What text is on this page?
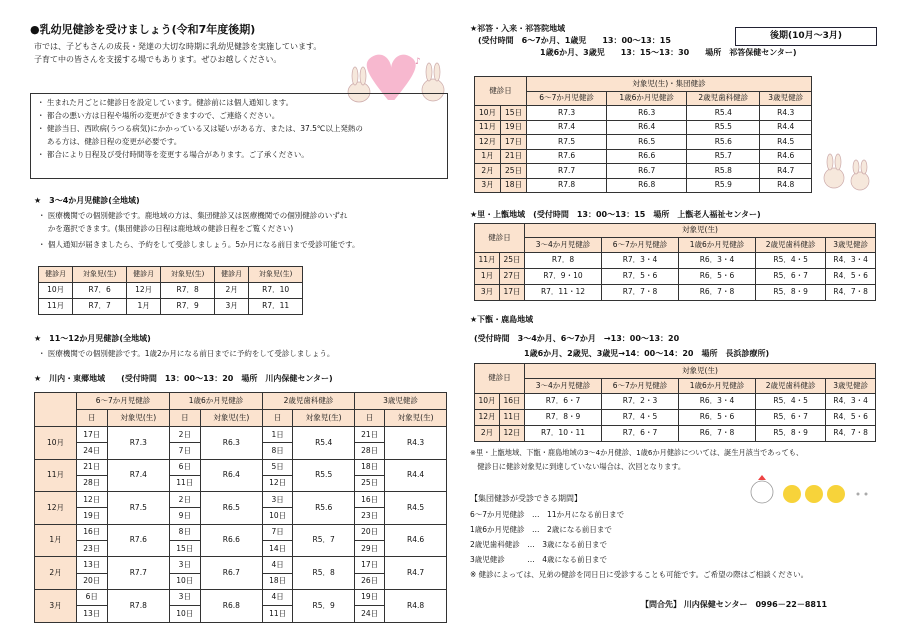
●乳幼児健診を受けましょう(令和7年度後期)	後期(10月～3月)
市では、子どもさんの成長・発達の大切な時期に乳幼児健診を実施しています。
子育て中の皆さんを支援する場でもあります。ぜひお越しください。	♪
・ 生まれた月ごとに健診日を設定しています。健診前には個人通知します。
・ 都合の悪い方は日程や場所の変更ができますので、ご連絡ください。
・ 健診当日、西欧病(うつる病気)にかかっている又は疑いがある方、または、37.5℃以上発熱の
　 ある方は、健診日程の変更が必要です。
・ 都合により日程及び受付時間等を変更する場合があります。ご了承ください。
★　3～4か月児健診(全地域)
・ 医療機関での個別健診です。鹿地域の方は、集団健診又は医療機関での個別健診のいずれ
　 かを選択できます。(集団健診の日程は鹿地域の健診日程をご覧ください)
・ 個人通知が届きましたら、予約をして受診しましょう。5か月になる前日まで受診可能です。
健診月	対象児(生)	健診月	対象児(生)	健診月	対象児(生)
10月	R7．6	12月	R7．8	2月	R7．10
11月	R7．7	1月	R7．9	3月	R7．11
★　11～12か月児健診(全地域)
・ 医療機関での個別健診です。1歳2か月になる前日までに予約をして受診しましょう。
★　川内・東郷地域　　(受付時間　13：00～13：20　場所　川内保健センター)
	6～7か月児健診		1歳6か月児健診		2歳児歯科健診		3歳児健診	
	日	対象児(生)	日	対象児(生)	日	対象児(生)	日	対象児(生)
10月	17日	R7.3	2日	R6.3	1日	R5.4	21日	R4.3
	24日		7日		8日		28日	
11月	21日	R7.4	6日	R6.4	5日	R5.5	18日	R4.4
	28日		11日		12日		25日	
12月	12日	R7.5	2日	R6.5	3日	R5.6	16日	R4.5
	19日		9日		10日		23日	
1月	16日	R7.6	8日	R6.6	7日	R5．7	20日	R4.6
	23日		15日		14日		29日	
2月	13日	R7.7	3日	R6.7	4日	R5．8	17日	R4.7
	20日		10日		18日		26日	
3月	6日	R7.8	3日	R6.8	4日	R5．9	19日	R4.8
	13日		10日		11日		24日	
★祁答・入来・祁答院地域
(受付時間　6～7か月、1歳児　　13：00～13：15
1歳6か月、3歳児　　13：15～13：30　　場所　祁答保健センター)
健診日		対象児(生)・集団健診			
		6～7か月児健診	1歳6か月児健診	2歳児歯科健診	3歳児健診
10月	15日	R7.3	R6.3	R5.4	R4.3
11月	19日	R7.4	R6.4	R5.5	R4.4
12月	17日	R7.5	R6.5	R5.6	R4.5
1月	21日	R7.6	R6.6	R5.7	R4.6
2月	25日	R7.7	R6.7	R5.8	R4.7
3月	18日	R7.8	R6.8	R5.9	R4.8
★里・上甑地域　(受付時間　13：00～13：15　場所　上甑老人福祉センター)
健診日		対象児(生)				
		3～4か月児健診	6～7か月児健診	1歳6か月児健診	2歳児歯科健診	3歳児健診
11月	25日	R7．8	R7．3・4	R6．3・4	R5．4・5	R4．3・4
1月	27日	R7．9・10	R7．5・6	R6．5・6	R5．6・7	R4．5・6
3月	17日	R7．11・12	R7．7・8	R6．7・8	R5．8・9	R4．7・8
★下甑・鹿島地域
(受付時間　3～4か月、6～7か月　→13：00～13：20
1歳6か月、2歳児、3歳児→14：00～14：20　場所　長浜診療所)
健診日		対象児(生)				
		3～4か月児健診	6～7か月児健診	1歳6か月児健診	2歳児歯科健診	3歳児健診
10月	16日	R7．6・7	R7．2・3	R6．3・4	R5．4・5	R4．3・4
12月	11日	R7．8・9	R7．4・5	R6．5・6	R5．6・7	R4．5・6
2月	12日	R7．10・11	R7．6・7	R6．7・8	R5．8・9	R4．7・8
※里・上甑地域、下甑・鹿島地域の3～4か月健診、1歳6か月健診については、誕生月該当であっても、
　健診日に健診対象児に到達していない場合は、次回となります。
【集団健診が受診できる期間】
6～7か月児健診　…　11か月になる前日まで
1歳6か月児健診　…　2歳になる前日まで
2歳児歯科健診　…　3歳になる前日まで
3歳児健診　　　…　4歳になる前日まで
※ 健診によっては、兄弟の健診を同日日に受診することも可能です。ご希望の際はご相談ください。
【問合先】 川内保健センター　0996－22－8811
